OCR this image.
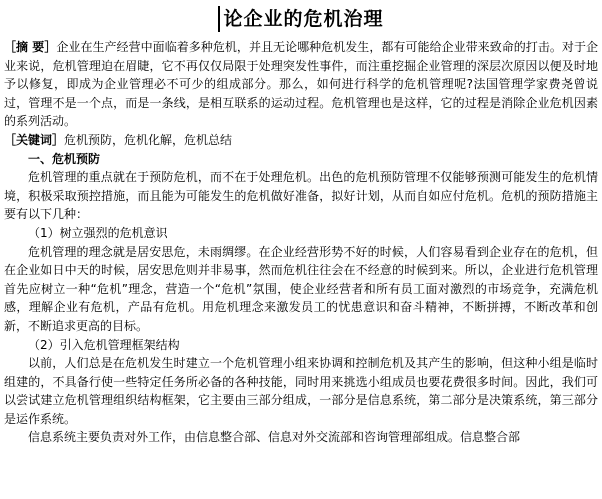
论企业的危机治理

［摘 要］企业在生产经营中面临着多种危机，并且无论哪种危机发生，都有可能给企业带来致命的打击。对于企业来说，危机管理迫在眉睫，它不再仅仅局限于处理突发性事件，而注重挖掘企业管理的深层次原因以便及时地予以修复，即成为企业管理必不可少的组成部分。那么，如何进行科学的危机管理呢?法国管理学家费尧曾说过，管理不是一个点，而是一条线，是相互联系的运动过程。危机管理也是这样，它的过程是消除企业危机因素的系列活动。

［关键词］危机预防，危机化解，危机总结

一、危机预防

危机管理的重点就在于预防危机，而不在于处理危机。出色的危机预防管理不仅能够预测可能发生的危机情境，积极采取预控措施，而且能为可能发生的危机做好准备，拟好计划，从而自如应付危机。危机的预防措施主要有以下几种：

（1）树立强烈的危机意识

危机管理的理念就是居安思危，未雨绸缪。在企业经营形势不好的时候，人们容易看到企业存在的危机，但在企业如日中天的时候，居安思危则并非易事，然而危机往往会在不经意的时候到来。所以，企业进行危机管理首先应树立一种“危机”理念，营造一个“危机”氛围，使企业经营者和所有员工面对激烈的市场竞争，充满危机感，理解企业有危机，产品有危机。用危机理念来激发员工的忧患意识和奋斗精神，不断拼搏，不断改革和创新，不断追求更高的目标。

（2）引入危机管理框架结构

以前，人们总是在危机发生时建立一个危机管理小组来协调和控制危机及其产生的影响，但这种小组是临时组建的，不具备行使一些特定任务所必备的各种技能，同时用来挑选小组成员也要花费很多时间。因此，我们可以尝试建立危机管理组织结构框架，它主要由三部分组成，一部分是信息系统，第二部分是决策系统，第三部分是运作系统。

信息系统主要负责对外工作，由信息整合部、信息对外交流部和咨询管理部组成。信息整合部
